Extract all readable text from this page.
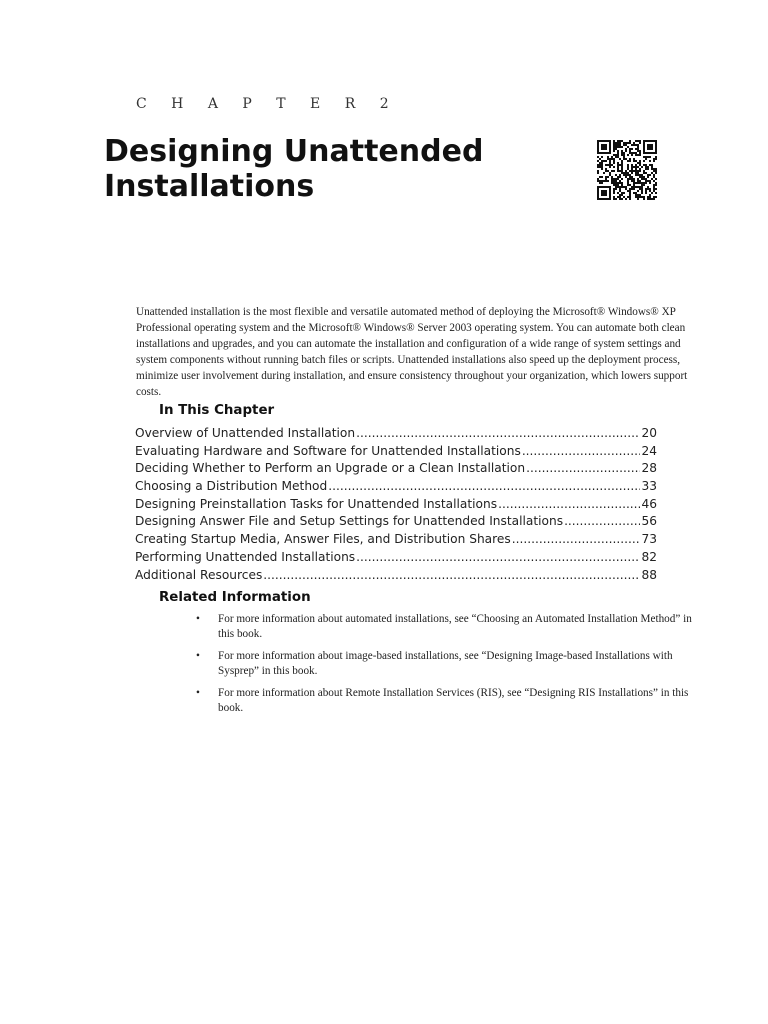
C H A P T E R 2
Designing Unattended
Installations

Unattended installation is the most flexible and versatile automated method of deploying the Microsoft® Windows® XP Professional operating system and the Microsoft® Windows® Server 2003 operating system. You can automate both clean installations and upgrades, and you can automate the installation and configuration of a wide range of system settings and system components without running batch files or scripts. Unattended installations also speed up the deployment process, minimize user involvement during installation, and ensure consistency throughout your organization, which lowers support costs.

In This Chapter
Overview of Unattended Installation .....	20
Evaluating Hardware and Software for Unattended Installations .....	24
Deciding Whether to Perform an Upgrade or a Clean Installation .....	28
Choosing a Distribution Method .....	33
Designing Preinstallation Tasks for Unattended Installations .....	46
Designing Answer File and Setup Settings for Unattended Installations .....	56
Creating Startup Media, Answer Files, and Distribution Shares .....	73
Performing Unattended Installations .....	82
Additional Resources .....	88
Related Information
• For more information about automated installations, see “Choosing an Automated Installation Method” in this book.
• For more information about image-based installations, see “Designing Image-based Installations with Sysprep” in this book.
• For more information about Remote Installation Services (RIS), see “Designing RIS Installations” in this book.
